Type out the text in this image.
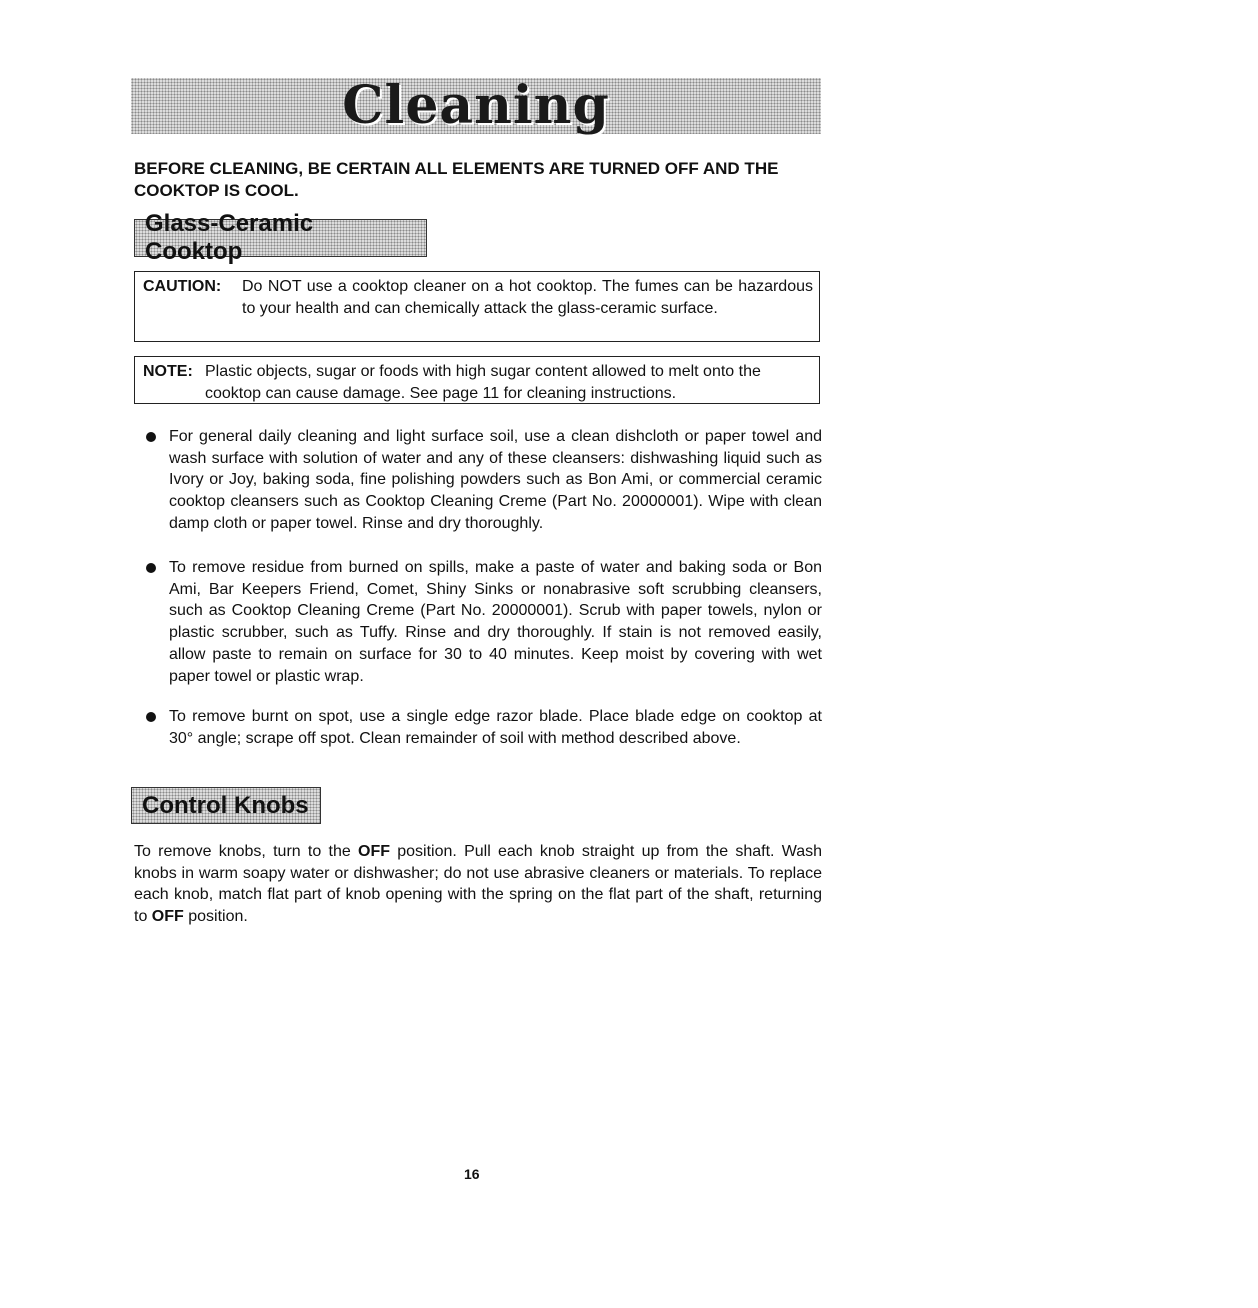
Cleaning
BEFORE CLEANING, BE CERTAIN ALL ELEMENTS ARE TURNED OFF AND THE COOKTOP IS COOL.
Glass-Ceramic Cooktop
CAUTION:	Do NOT use a cooktop cleaner on a hot cooktop. The fumes can be hazardous to your health and can chemically attack the glass-ceramic surface.
NOTE: Plastic objects, sugar or foods with high sugar content allowed to melt onto the cooktop can cause damage. See page 11 for cleaning instructions.
For general daily cleaning and light surface soil, use a clean dishcloth or paper towel and wash surface with solution of water and any of these cleansers: dishwashing liquid such as Ivory or Joy, baking soda, fine polishing powders such as Bon Ami, or commercial ceramic cooktop cleansers such as Cooktop Cleaning Creme (Part No. 20000001). Wipe with clean damp cloth or paper towel. Rinse and dry thoroughly.
To remove residue from burned on spills, make a paste of water and baking soda or Bon Ami, Bar Keepers Friend, Comet, Shiny Sinks or nonabrasive soft scrubbing cleansers, such as Cooktop Cleaning Creme (Part No. 20000001). Scrub with paper towels, nylon or plastic scrubber, such as Tuffy. Rinse and dry thoroughly. If stain is not removed easily, allow paste to remain on surface for 30 to 40 minutes. Keep moist by covering with wet paper towel or plastic wrap.
To remove burnt on spot, use a single edge razor blade. Place blade edge on cooktop at 30° angle; scrape off spot. Clean remainder of soil with method described above.
Control Knobs
To remove knobs, turn to the OFF position. Pull each knob straight up from the shaft. Wash knobs in warm soapy water or dishwasher; do not use abrasive cleaners or materials. To replace each knob, match flat part of knob opening with the spring on the flat part of the shaft, returning to OFF position.
16
